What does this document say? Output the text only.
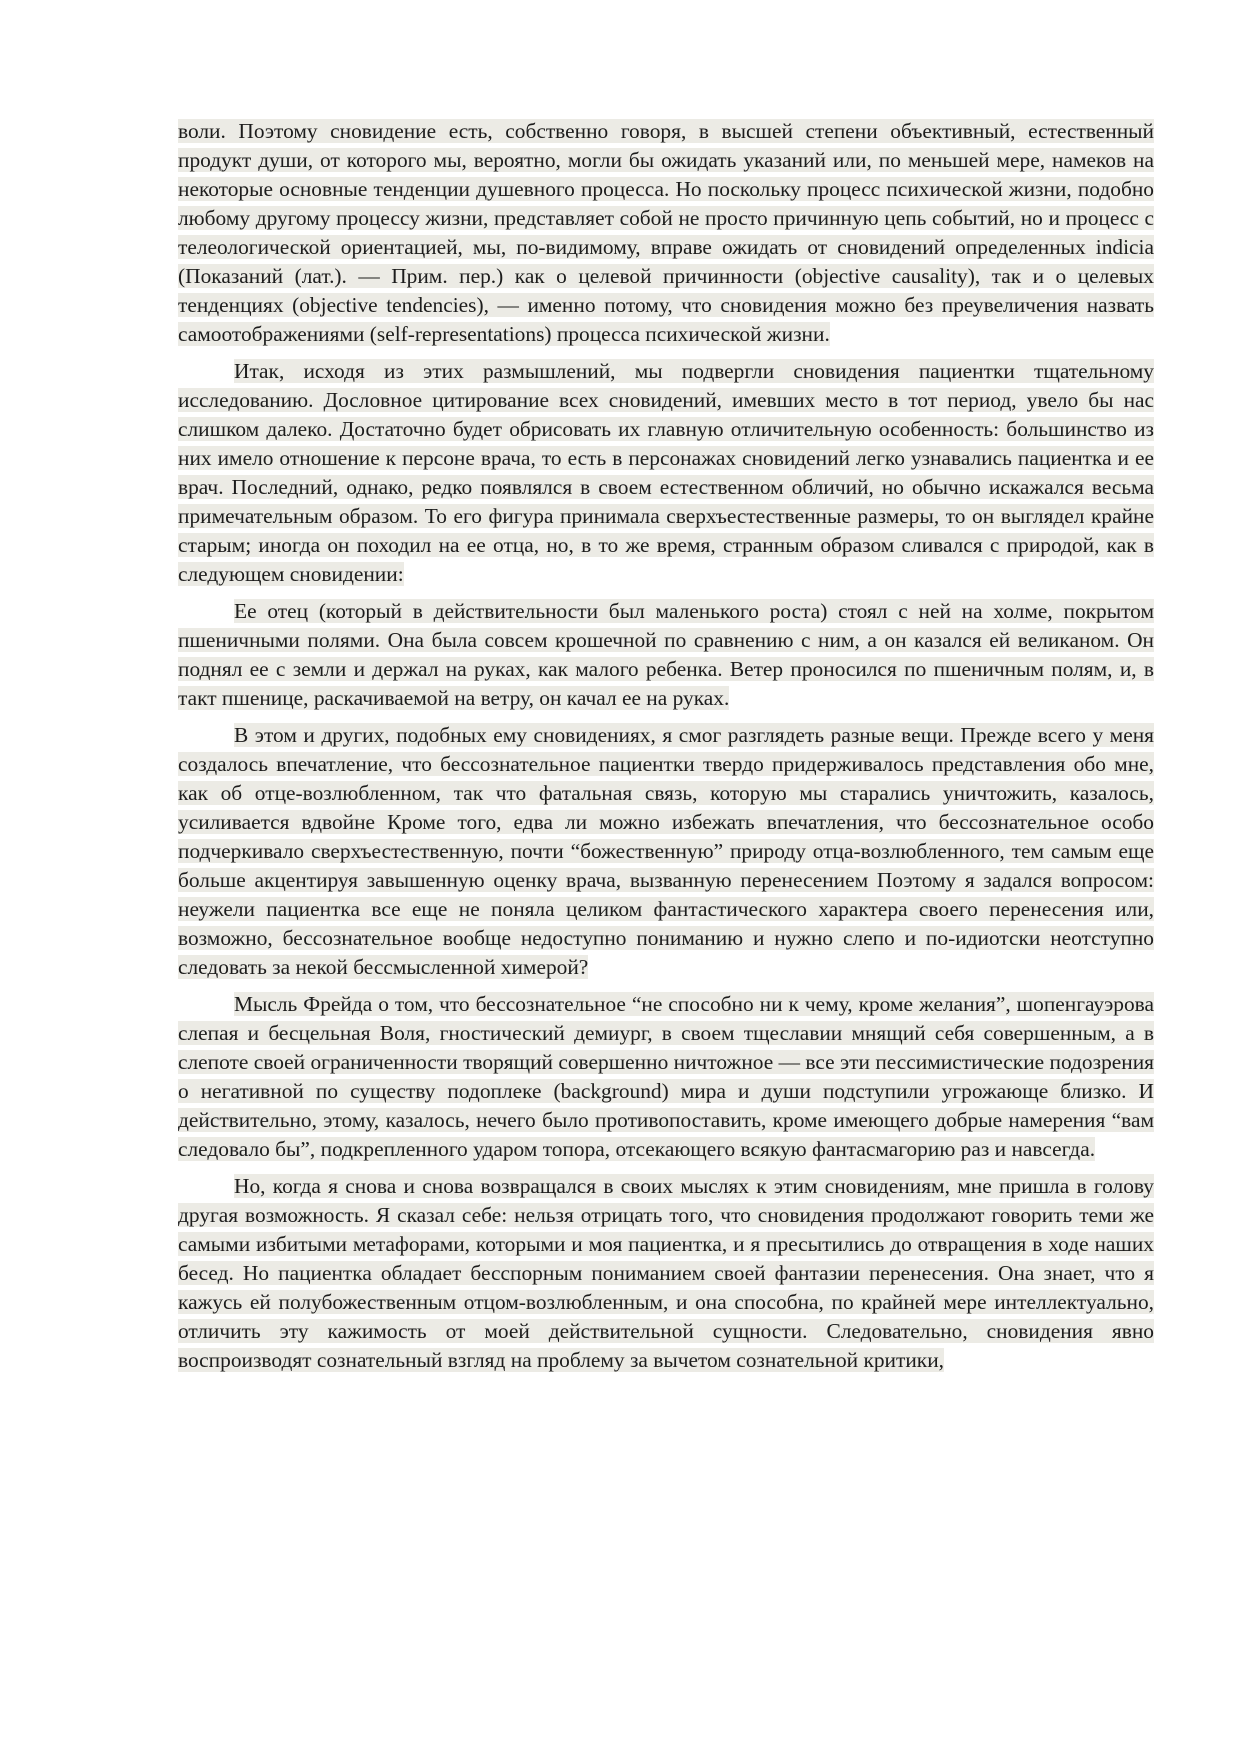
воли. Поэтому сновидение есть, собственно говоря, в высшей степени объективный, естественный продукт души, от которого мы, вероятно, могли бы ожидать указаний или, по меньшей мере, намеков на некоторые основные тенденции душевного процесса. Но поскольку процесс психической жизни, подобно любому другому процессу жизни, представляет собой не просто причинную цепь событий, но и процесс с телеологической ориентацией, мы, по-видимому, вправе ожидать от сновидений определенных indicia (Показаний (лат.). — Прим. пер.) как о целевой причинности (objective causality), так и о целевых тенденциях (objective tendencies), — именно потому, что сновидения можно без преувеличения назвать самоотображениями (self-representations) процесса психической жизни.

Итак, исходя из этих размышлений, мы подвергли сновидения пациентки тщательному исследованию. Дословное цитирование всех сновидений, имевших место в тот период, увело бы нас слишком далеко. Достаточно будет обрисовать их главную отличительную особенность: большинство из них имело отношение к персоне врача, то есть в персонажах сновидений легко узнавались пациентка и ее врач. Последний, однако, редко появлялся в своем естественном обличий, но обычно искажался весьма примечательным образом. То его фигура принимала сверхъестественные размеры, то он выглядел крайне старым; иногда он походил на ее отца, но, в то же время, странным образом сливался с природой, как в следующем сновидении:

Ее отец (который в действительности был маленького роста) стоял с ней на холме, покрытом пшеничными полями. Она была совсем крошечной по сравнению с ним, а он казался ей великаном. Он поднял ее с земли и держал на руках, как малого ребенка. Ветер проносился по пшеничным полям, и, в такт пшенице, раскачиваемой на ветру, он качал ее на руках.

В этом и других, подобных ему сновидениях, я смог разглядеть разные вещи. Прежде всего у меня создалось впечатление, что бессознательное пациентки твердо придерживалось представления обо мне, как об отце-возлюбленном, так что фатальная связь, которую мы старались уничтожить, казалось, усиливается вдвойне Кроме того, едва ли можно избежать впечатления, что бессознательное особо подчеркивало сверхъестественную, почти “божественную” природу отца-возлюбленного, тем самым еще больше акцентируя завышенную оценку врача, вызванную перенесением Поэтому я задался вопросом: неужели пациентка все еще не поняла целиком фантастического характера своего перенесения или, возможно, бессознательное вообще недоступно пониманию и нужно слепо и по-идиотски неотступно следовать за некой бессмысленной химерой?

Мысль Фрейда о том, что бессознательное “не способно ни к чему, кроме желания”, шопенгауэрова слепая и бесцельная Воля, гностический демиург, в своем тщеславии мнящий себя совершенным, а в слепоте своей ограниченности творящий совершенно ничтожное — все эти пессимистические подозрения о негативной по существу подоплеке (background) мира и души подступили угрожающе близко. И действительно, этому, казалось, нечего было противопоставить, кроме имеющего добрые намерения “вам следовало бы”, подкрепленного ударом топора, отсекающего всякую фантасмагорию раз и навсегда.

Но, когда я снова и снова возвращался в своих мыслях к этим сновидениям, мне пришла в голову другая возможность. Я сказал себе: нельзя отрицать того, что сновидения продолжают говорить теми же самыми избитыми метафорами, которыми и моя пациентка, и я пресытились до отвращения в ходе наших бесед. Но пациентка обладает бесспорным пониманием своей фантазии перенесения. Она знает, что я кажусь ей полубожественным отцом-возлюбленным, и она способна, по крайней мере интеллектуально, отличить эту кажимость от моей действительной сущности. Следовательно, сновидения явно воспроизводят сознательный взгляд на проблему за вычетом сознательной критики,
